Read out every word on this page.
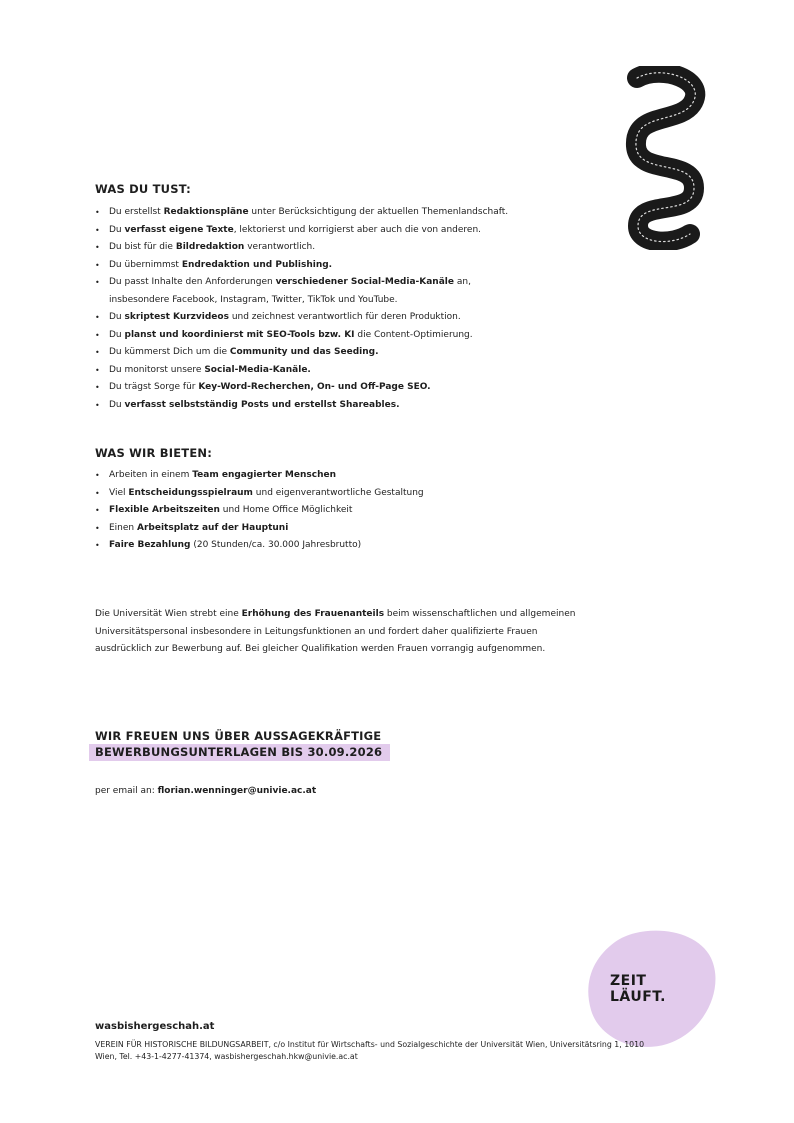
WAS DU TUST:
• Du erstellst Redaktionspläne unter Berücksichtigung der aktuellen Themenlandschaft.
• Du verfasst eigene Texte, lektorierst und korrigierst aber auch die von anderen.
• Du bist für die Bildredaktion verantwortlich.
• Du übernimmst Endredaktion und Publishing.
• Du passt Inhalte den Anforderungen verschiedener Social-Media-Kanäle an,
insbesondere Facebook, Instagram, Twitter, TikTok und YouTube.
• Du skriptest Kurzvideos und zeichnest verantwortlich für deren Produktion.
• Du planst und koordinierst mit SEO-Tools bzw. KI die Content-Optimierung.
• Du kümmerst Dich um die Community und das Seeding.
• Du monitorst unsere Social-Media-Kanäle.
• Du trägst Sorge für Key-Word-Recherchen, On- und Off-Page SEO.
• Du verfasst selbstständig Posts und erstellst Shareables.
WAS WIR BIETEN:
• Arbeiten in einem Team engagierter Menschen
• Viel Entscheidungsspielraum und eigenverantwortliche Gestaltung
• Flexible Arbeitszeiten und Home Office Möglichkeit
• Einen Arbeitsplatz auf der Hauptuni
• Faire Bezahlung (20 Stunden/ca. 30.000 Jahresbrutto)

Die Universität Wien strebt eine Erhöhung des Frauenanteils beim wissenschaftlichen und allgemeinen Universitätspersonal insbesondere in Leitungsfunktionen an und fordert daher qualifizierte Frauen ausdrücklich zur Bewerbung auf. Bei gleicher Qualifikation werden Frauen vorrangig aufgenommen.

WIR FREUEN UNS ÜBER AUSSAGEKRÄFTIGE
BEWERBUNGSUNTERLAGEN BIS 30.09.2026
per email an: florian.wenninger@univie.ac.at
ZEIT
LÄUFT.
wasbishergeschah.at
VEREIN FÜR HISTORISCHE BILDUNGSARBEIT, c/o Institut für Wirtschafts- und Sozialgeschichte der Universität Wien, Universitätsring 1, 1010 Wien, Tel. +43-1-4277-41374, wasbishergeschah.hkw@univie.ac.at
